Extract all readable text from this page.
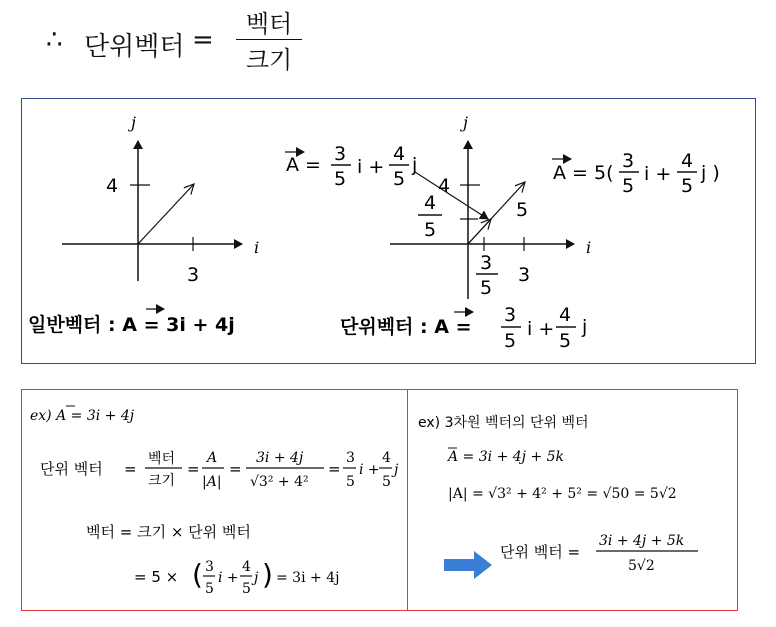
∴ 단위벡터 =
벡터
크기
j
i
4
3
일반벡터 : A = 3i + 4j
j
i
4
3
5
4
5
3
5
A = 3
5
i +
4
5
j	A = 5(
3
5
i +
4
5
j )
단위벡터 : A =
3
5
i +
4
5
j
ex) A = 3i + 4j
단위 벡터 =
벡터
크기
=
A
|A|
=
3i + 4j
√3² + 4²
=
3
5
i +
4
5
j
벡터 = 크기 × 단위 벡터
= 5 × ( 3
5
i +
4
5
j ) = 3i + 4j
ex) 3차원 벡터의 단위 벡터
A = 3i + 4j + 5k
|A| = √3² + 4² + 5² = √50 = 5√2
단위 벡터 =
3i + 4j + 5k
5√2
